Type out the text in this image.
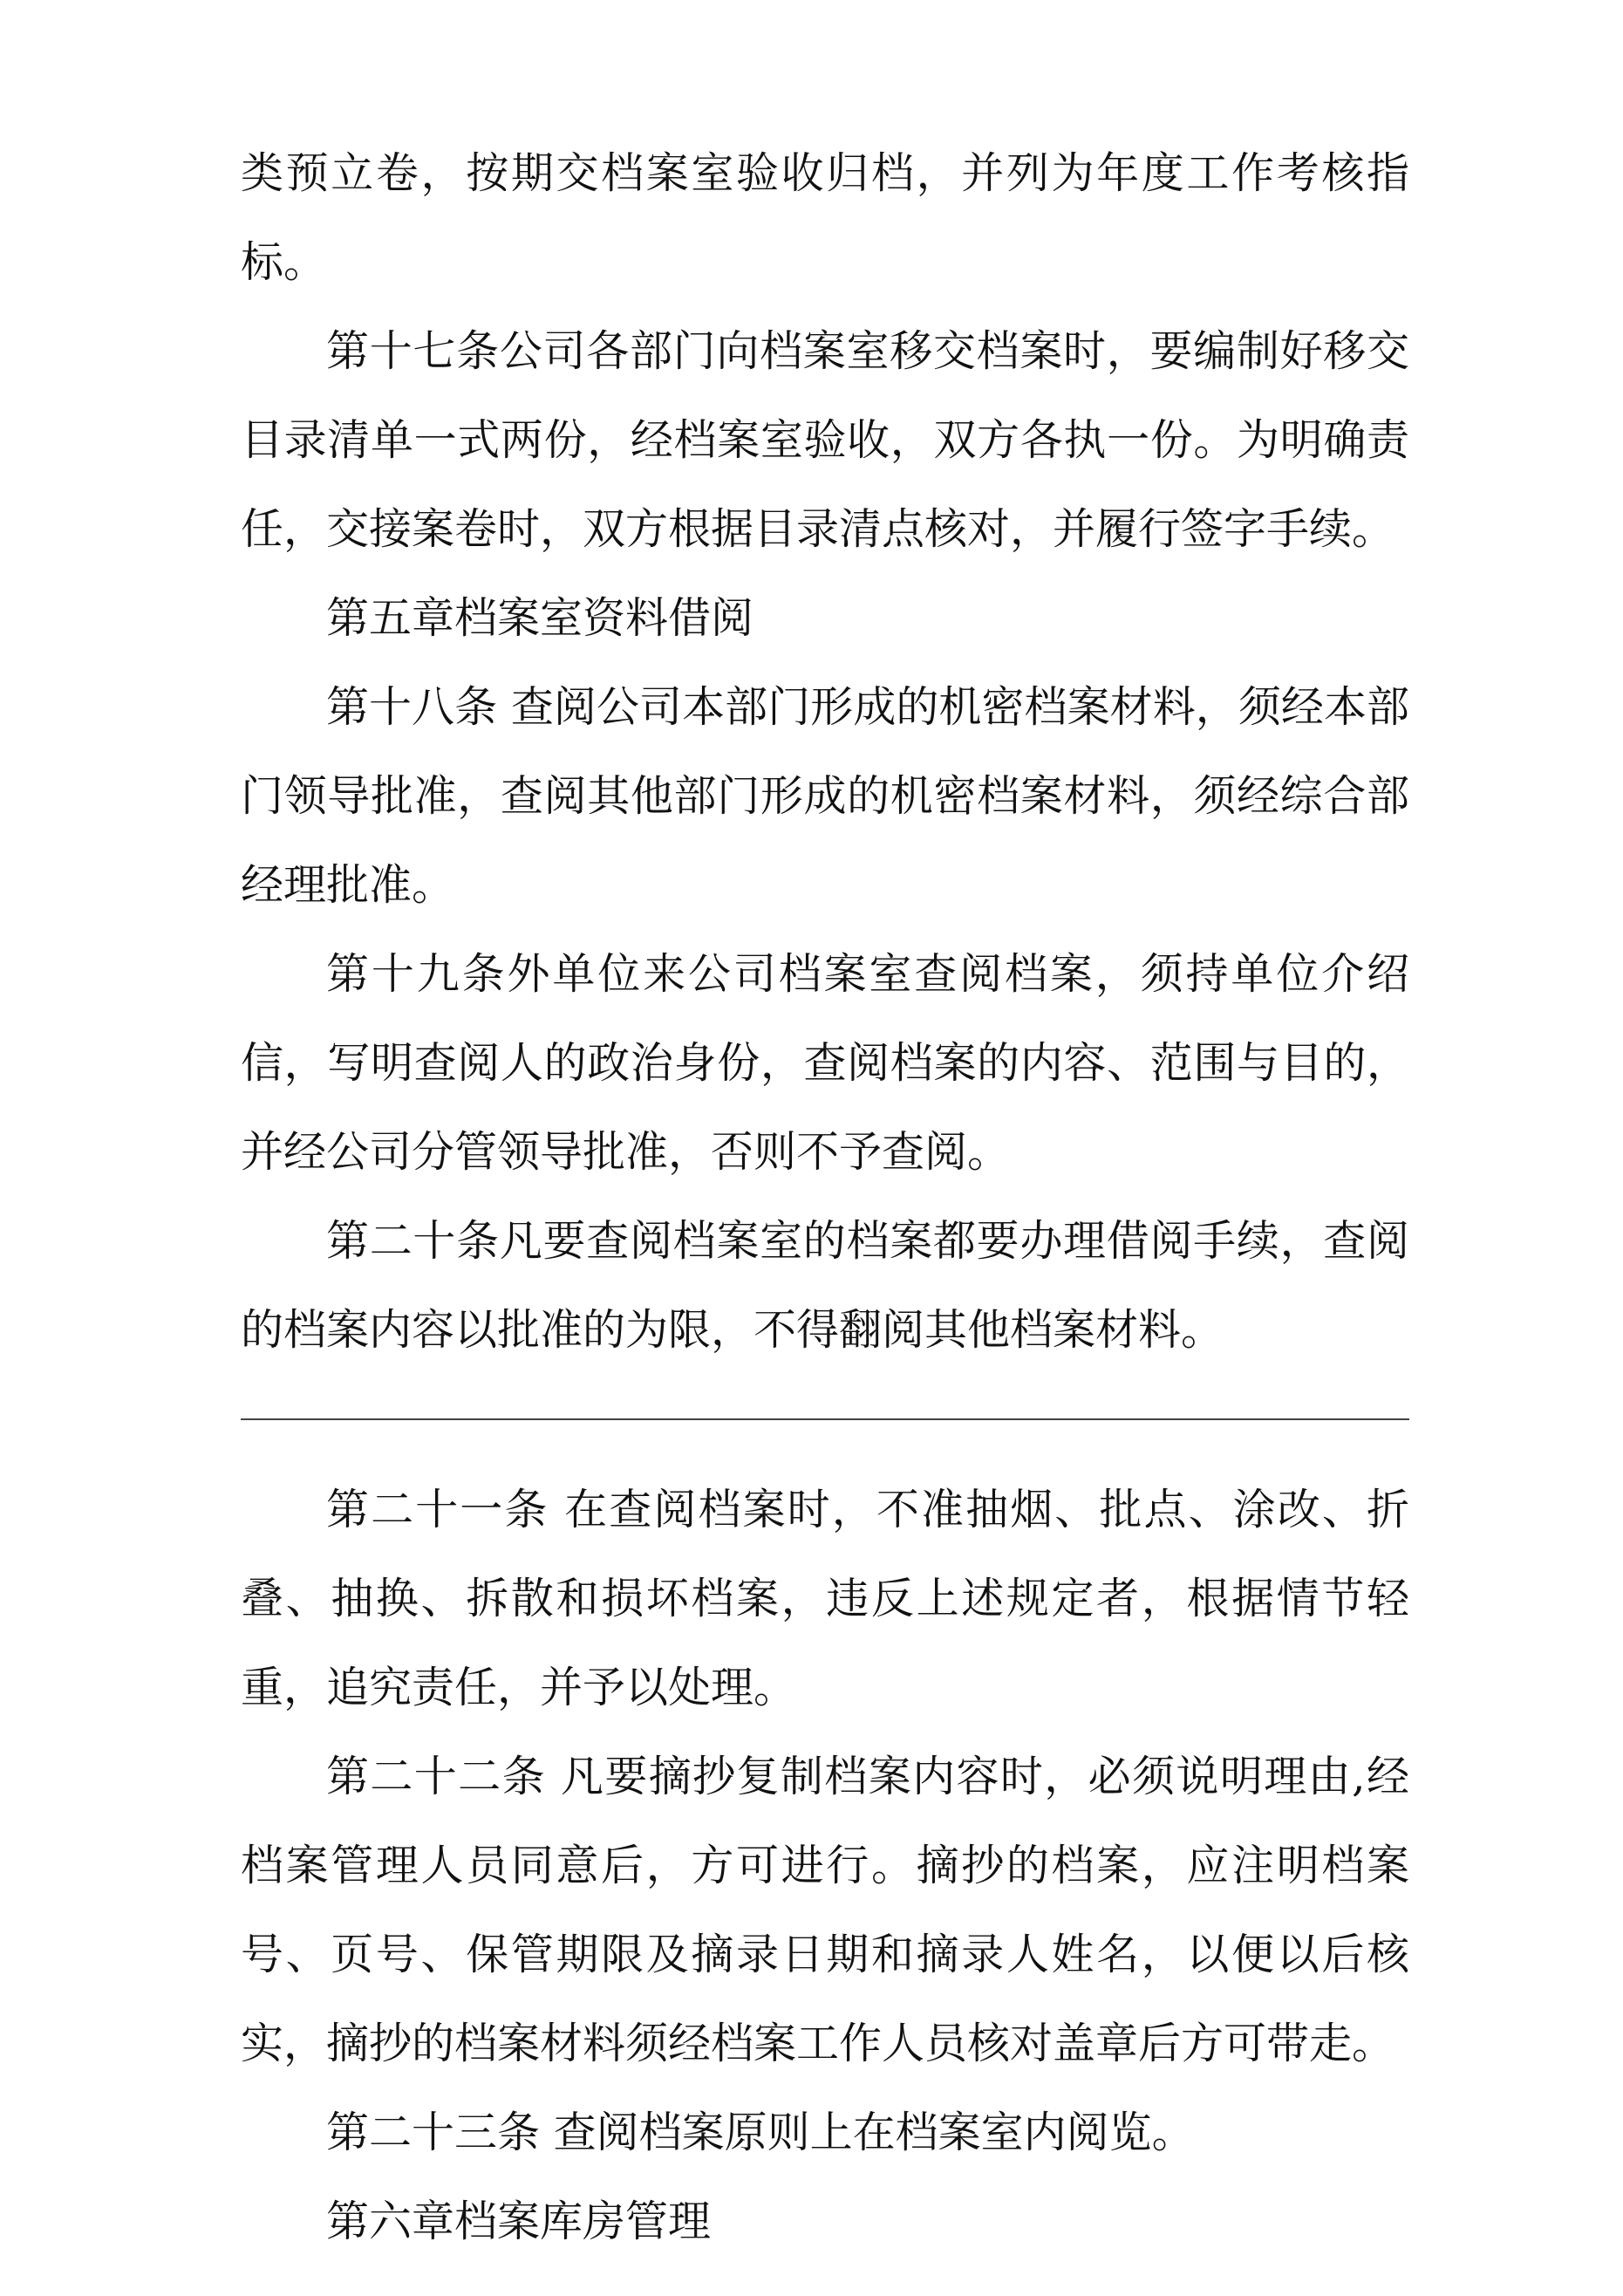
类预立卷，按期交档案室验收归档，并列为年度工作考核指标。

第十七条公司各部门向档案室移交档案时，要编制好移交目录清单一式两份，经档案室验收，双方各执一份。为明确责任，交接案卷时，双方根据目录清点核对，并履行签字手续。

第五章档案室资料借阅

第十八条 查阅公司本部门形成的机密档案材料，须经本部门领导批准，查阅其他部门形成的机密档案材料，须经综合部经理批准。

第十九条外单位来公司档案室查阅档案，须持单位介绍信，写明查阅人的政治身份，查阅档案的内容、范围与目的，并经公司分管领导批准，否则不予查阅。

第二十条凡要查阅档案室的档案都要办理借阅手续，查阅的档案内容以批准的为限，不得翻阅其他档案材料。

第二十一条 在查阅档案时，不准抽烟、批点、涂改、折叠、抽换、拆散和损坏档案，违反上述规定者，根据情节轻重，追究责任，并予以处理。

第二十二条 凡要摘抄复制档案内容时，必须说明理由,经档案管理人员同意后，方可进行。摘抄的档案，应注明档案号、页号、保管期限及摘录日期和摘录人姓名，以便以后核实，摘抄的档案材料须经档案工作人员核对盖章后方可带走。

第二十三条 查阅档案原则上在档案室内阅览。

第六章档案库房管理
